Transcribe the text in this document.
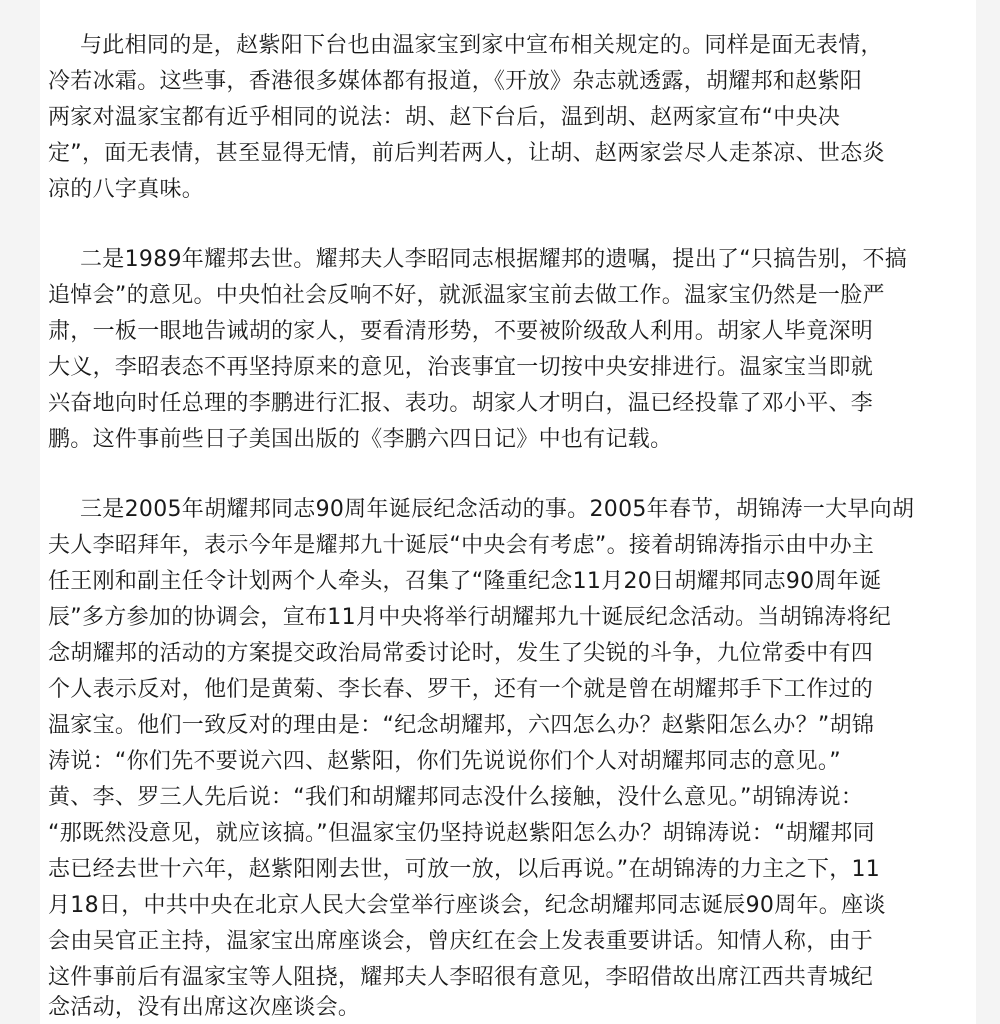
与此相同的是，赵紫阳下台也由温家宝到家中宣布相关规定的。同样是面无表情，
冷若冰霜。这些事，香港很多媒体都有报道，《开放》杂志就透露，胡耀邦和赵紫阳
两家对温家宝都有近乎相同的说法：胡、赵下台后，温到胡、赵两家宣布“中央决
定”，面无表情，甚至显得无情，前后判若两人，让胡、赵两家尝尽人走茶凉、世态炎
凉的八字真味。
二是1989年耀邦去世。耀邦夫人李昭同志根据耀邦的遗嘱，提出了“只搞告别，不搞
追悼会”的意见。中央怕社会反响不好，就派温家宝前去做工作。温家宝仍然是一脸严
肃，一板一眼地告诫胡的家人，要看清形势，不要被阶级敌人利用。胡家人毕竟深明
大义，李昭表态不再坚持原来的意见，治丧事宜一切按中央安排进行。温家宝当即就
兴奋地向时任总理的李鹏进行汇报、表功。胡家人才明白，温已经投靠了邓小平、李
鹏。这件事前些日子美国出版的《李鹏六四日记》中也有记载。
三是2005年胡耀邦同志90周年诞辰纪念活动的事。2005年春节，胡锦涛一大早向胡
夫人李昭拜年，表示今年是耀邦九十诞辰“中央会有考虑”。接着胡锦涛指示由中办主
任王刚和副主任令计划两个人牵头，召集了“隆重纪念11月20日胡耀邦同志90周年诞
辰”多方参加的协调会，宣布11月中央将举行胡耀邦九十诞辰纪念活动。当胡锦涛将纪
念胡耀邦的活动的方案提交政治局常委讨论时，发生了尖锐的斗争，九位常委中有四
个人表示反对，他们是黄菊、李长春、罗干，还有一个就是曾在胡耀邦手下工作过的
温家宝。他们一致反对的理由是：“纪念胡耀邦，六四怎么办？赵紫阳怎么办？”胡锦
涛说：“你们先不要说六四、赵紫阳，你们先说说你们个人对胡耀邦同志的意见。”
黄、李、罗三人先后说：“我们和胡耀邦同志没什么接触，没什么意见。”胡锦涛说：
“那既然没意见，就应该搞。”但温家宝仍坚持说赵紫阳怎么办？胡锦涛说：“胡耀邦同
志已经去世十六年，赵紫阳刚去世，可放一放，以后再说。”在胡锦涛的力主之下，11
月18日，中共中央在北京人民大会堂举行座谈会，纪念胡耀邦同志诞辰90周年。座谈
会由吴官正主持，温家宝出席座谈会，曾庆红在会上发表重要讲话。知情人称，由于
这件事前后有温家宝等人阻挠，耀邦夫人李昭很有意见，李昭借故出席江西共青城纪
念活动，没有出席这次座谈会。
